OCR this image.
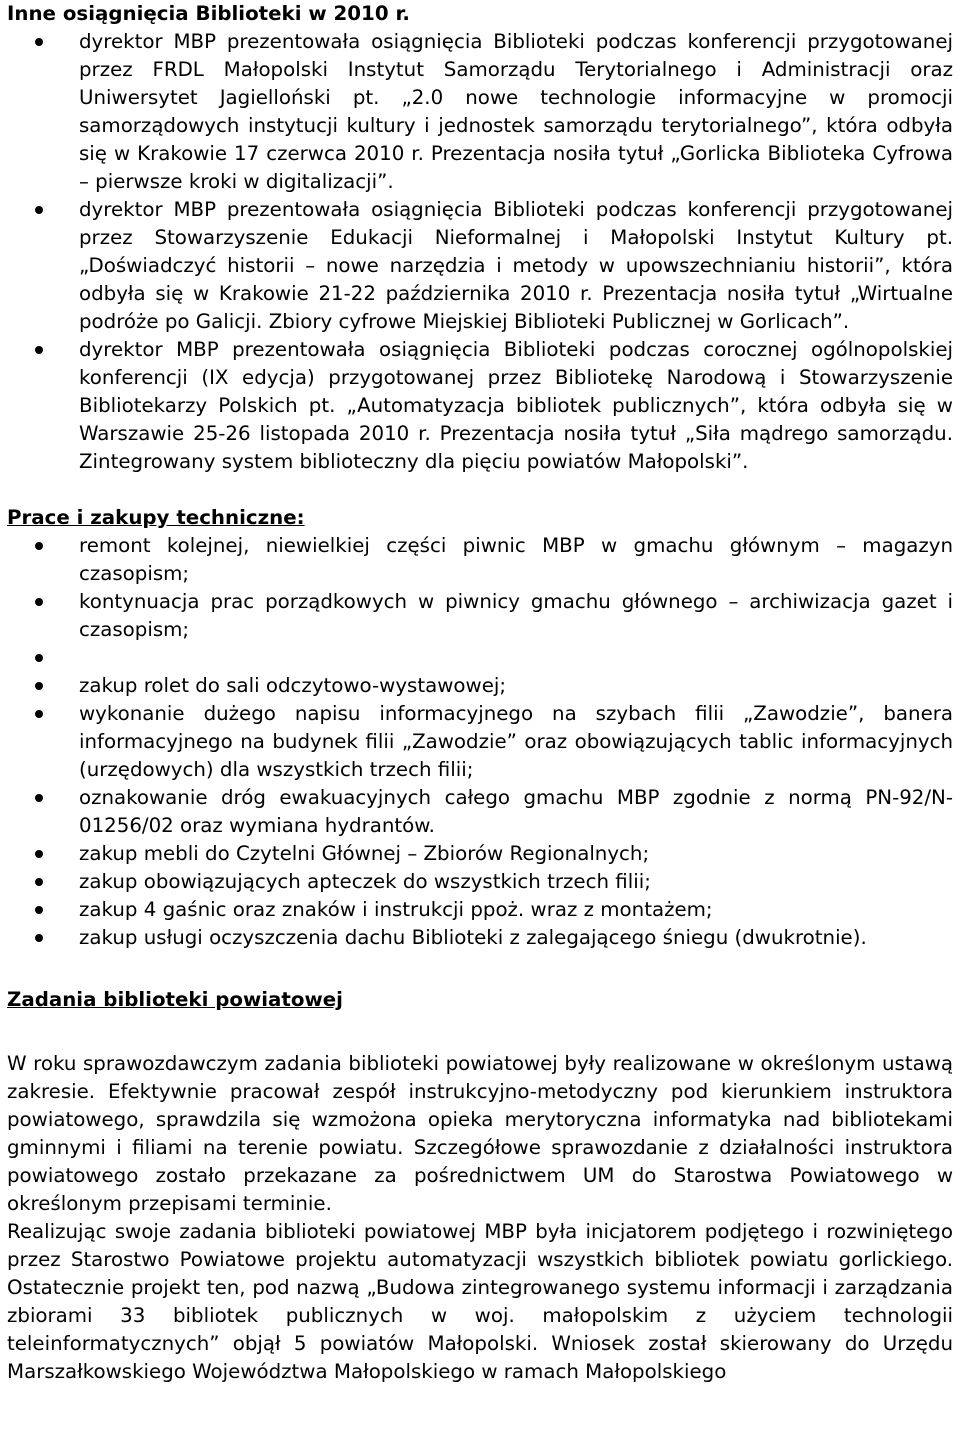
Inne osiągnięcia Biblioteki w 2010 r.
dyrektor MBP prezentowała osiągnięcia Biblioteki podczas konferencji przygotowanej przez FRDL Małopolski Instytut Samorządu Terytorialnego i Administracji oraz Uniwersytet Jagielloński pt. „2.0 nowe technologie informacyjne w promocji samorządowych instytucji kultury i jednostek samorządu terytorialnego”, która odbyła się w Krakowie 17 czerwca 2010 r. Prezentacja nosiła tytuł „Gorlicka Biblioteka Cyfrowa – pierwsze kroki w digitalizacji”.
dyrektor MBP prezentowała osiągnięcia Biblioteki podczas konferencji przygotowanej przez Stowarzyszenie Edukacji Nieformalnej i Małopolski Instytut Kultury pt. „Doświadczyć historii – nowe narzędzia i metody w upowszechnianiu historii”, która odbyła się w Krakowie 21-22 października 2010 r. Prezentacja nosiła tytuł „Wirtualne podróże po Galicji. Zbiory cyfrowe Miejskiej Biblioteki Publicznej w Gorlicach”.
dyrektor MBP prezentowała osiągnięcia Biblioteki podczas corocznej ogólnopolskiej konferencji (IX edycja) przygotowanej przez Bibliotekę Narodową i Stowarzyszenie Bibliotekarzy Polskich pt. „Automatyzacja bibliotek publicznych”, która odbyła się w Warszawie 25-26 listopada 2010 r. Prezentacja nosiła tytuł „Siła mądrego samorządu. Zintegrowany system biblioteczny dla pięciu powiatów Małopolski”.
Prace i zakupy techniczne:
remont kolejnej, niewielkiej części piwnic MBP w gmachu głównym – magazyn czasopism;
kontynuacja prac porządkowych w piwnicy gmachu głównego – archiwizacja gazet i czasopism;
zakup rolet do sali odczytowo-wystawowej;
wykonanie dużego napisu informacyjnego na szybach filii „Zawodzie”, banera informacyjnego na budynek filii „Zawodzie” oraz obowiązujących tablic informacyjnych (urzędowych) dla wszystkich trzech filii;
oznakowanie dróg ewakuacyjnych całego gmachu MBP zgodnie z normą PN-92/N-01256/02 oraz wymiana hydrantów.
zakup mebli do Czytelni Głównej – Zbiorów Regionalnych;
zakup obowiązujących apteczek do wszystkich trzech filii;
zakup 4 gaśnic oraz znaków i instrukcji ppoż. wraz z montażem;
zakup usługi oczyszczenia dachu Biblioteki z zalegającego śniegu (dwukrotnie).
Zadania biblioteki powiatowej

W roku sprawozdawczym zadania biblioteki powiatowej były realizowane w określonym ustawą zakresie. Efektywnie pracował zespół instrukcyjno-metodyczny pod kierunkiem instruktora powiatowego, sprawdzila się wzmożona opieka merytoryczna informatyka nad bibliotekami gminnymi i filiami na terenie powiatu. Szczegółowe sprawozdanie z działalności instruktora powiatowego zostało przekazane za pośrednictwem UM do Starostwa Powiatowego w określonym przepisami terminie.

Realizując swoje zadania biblioteki powiatowej MBP była inicjatorem podjętego i rozwiniętego przez Starostwo Powiatowe projektu automatyzacji wszystkich bibliotek powiatu gorlickiego. Ostatecznie projekt ten, pod nazwą „Budowa zintegrowanego systemu informacji i zarządzania zbiorami 33 bibliotek publicznych w woj. małopolskim z użyciem technologii teleinformatycznych” objął 5 powiatów Małopolski. Wniosek został skierowany do Urzędu Marszałkowskiego Województwa Małopolskiego w ramach Małopolskiego
